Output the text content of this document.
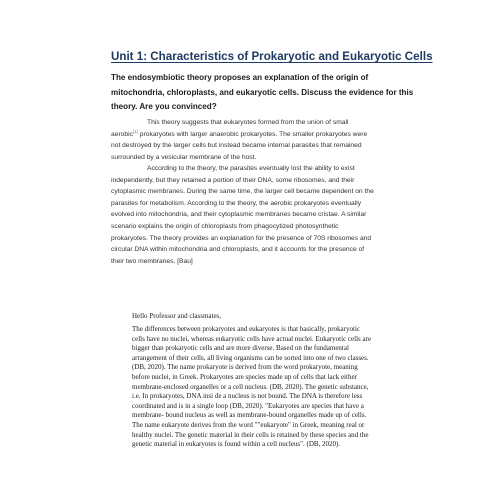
Unit 1: Characteristics of Prokaryotic and Eukaryotic Cells
The endosymbiotic theory proposes an explanation of the origin of
mitochondria, chloroplasts, and eukaryotic cells. Discuss the evidence for this
theory. Are you convinced?
This theory suggests that eukaryotes formed from the union of small
aerobic[1] prokaryotes with larger anaerobic prokaryotes. The smaller prokaryotes were
not destroyed by the larger cells but instead became internal parasites that remained
surrounded by a vesicular membrane of the host.
According to the theory, the parasites eventually lost the ability to exist
independently, but they retained a portion of their DNA, some ribosomes, and their
cytoplasmic membranes. During the same time, the larger cell became dependent on the
parasites for metabolism. According to the theory, the aerobic prokaryotes eventually
evolved into mitochondria, and their cytoplasmic membranes became cristae. A similar
scenario explains the origin of chloroplasts from phagocytized photosynthetic
prokaryotes. The theory provides an explanation for the presence of 70S ribosomes and
circular DNA within mitochondria and chloroplasts, and it accounts for the presence of
their two membranes. [Bau]
Hello Professor and classmates,
The differences between prokaryotes and eukaryotes is that basically, prokaryotic
cells have no nuclei, whereas eukaryotic cells have actual nuclei. Eukaryotic cells are
bigger than prokaryotic cells and are more diverse. Based on the fundamental
arrangement of their cells, all living organisms can be sorted into one of two classes.
(DB, 2020). The name prokaryote is derived from the word prokaryote, meaning
before nuclei, in Greek. Prokaryotes are species made up of cells that lack either
membrane-enclosed organelles or a cell nucleus. (DB, 2020). The genetic substance,
i.e. In prokaryotes, DNA insi de a nucleus is not bound. The DNA is therefore less
coordinated and is in a single loop (DB, 2020). "Eukaryotes are species that have a
membrane- bound nucleus as well as membrane-bound organelles made up of cells.
The name eukaryote derives from the word "″eukaryote" in Greek, meaning real or
healthy nuclei. The genetic material in their cells is retained by these species and the
genetic material in eukaryotes is found within a cell nucleus". (DB, 2020).
